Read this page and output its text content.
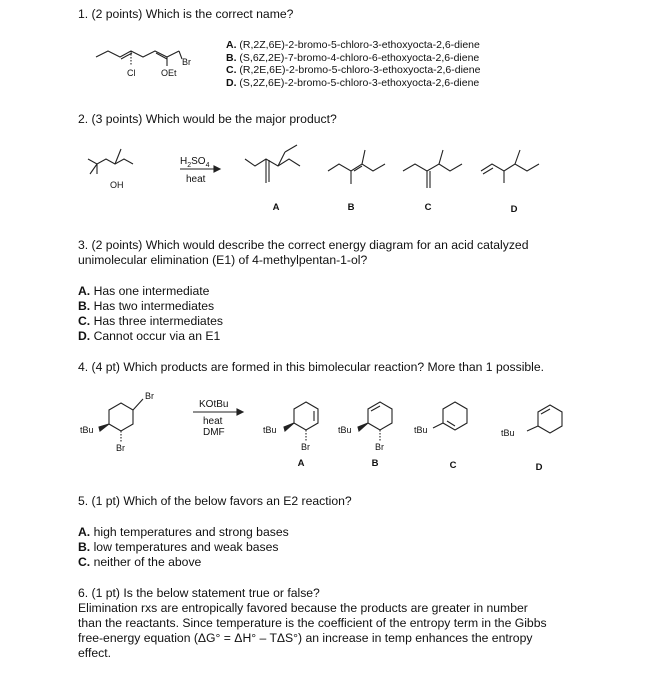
1. (2 points) Which is the correct name?
Br
Cl	OEt
A. (R,2Z,6E)-2-bromo-5-chloro-3-ethoxyocta-2,6-diene
B. (S,6Z,2E)-7-bromo-4-chloro-6-ethoxyocta-2,6-diene
C. (R,2E,6E)-2-bromo-5-chloro-3-ethoxyocta-2,6-diene
D. (S,2Z,6E)-2-bromo-5-chloro-3-ethoxyocta-2,6-diene
2. (3 points) Which would be the major product?
OH
$H_2SO_4$
heat
A	B	C	D
3. (2 points) Which would describe the correct energy diagram for an acid catalyzed
unimolecular elimination (E1) of 4-methylpentan-1-ol?
A. Has one intermediate
B. Has two intermediates
C. Has three intermediates
D. Cannot occur via an E1
4. (4 pt) Which products are formed in this bimolecular reaction? More than 1 possible.
Br
tBu
Br
KOtBu
heat
DMF	tBu
Br
tBu
Br
tBu	tBu
A	B	C	D
5. (1 pt) Which of the below favors an E2 reaction?
A. high temperatures and strong bases
B. low temperatures and weak bases
C. neither of the above
6. (1 pt) Is the below statement true or false?
Elimination rxs are entropically favored because the products are greater in number
than the reactants. Since temperature is the coefficient of the entropy term in the Gibbs
free-energy equation (ΔG° = ΔH° – TΔS°) an increase in temp enhances the entropy
effect.
